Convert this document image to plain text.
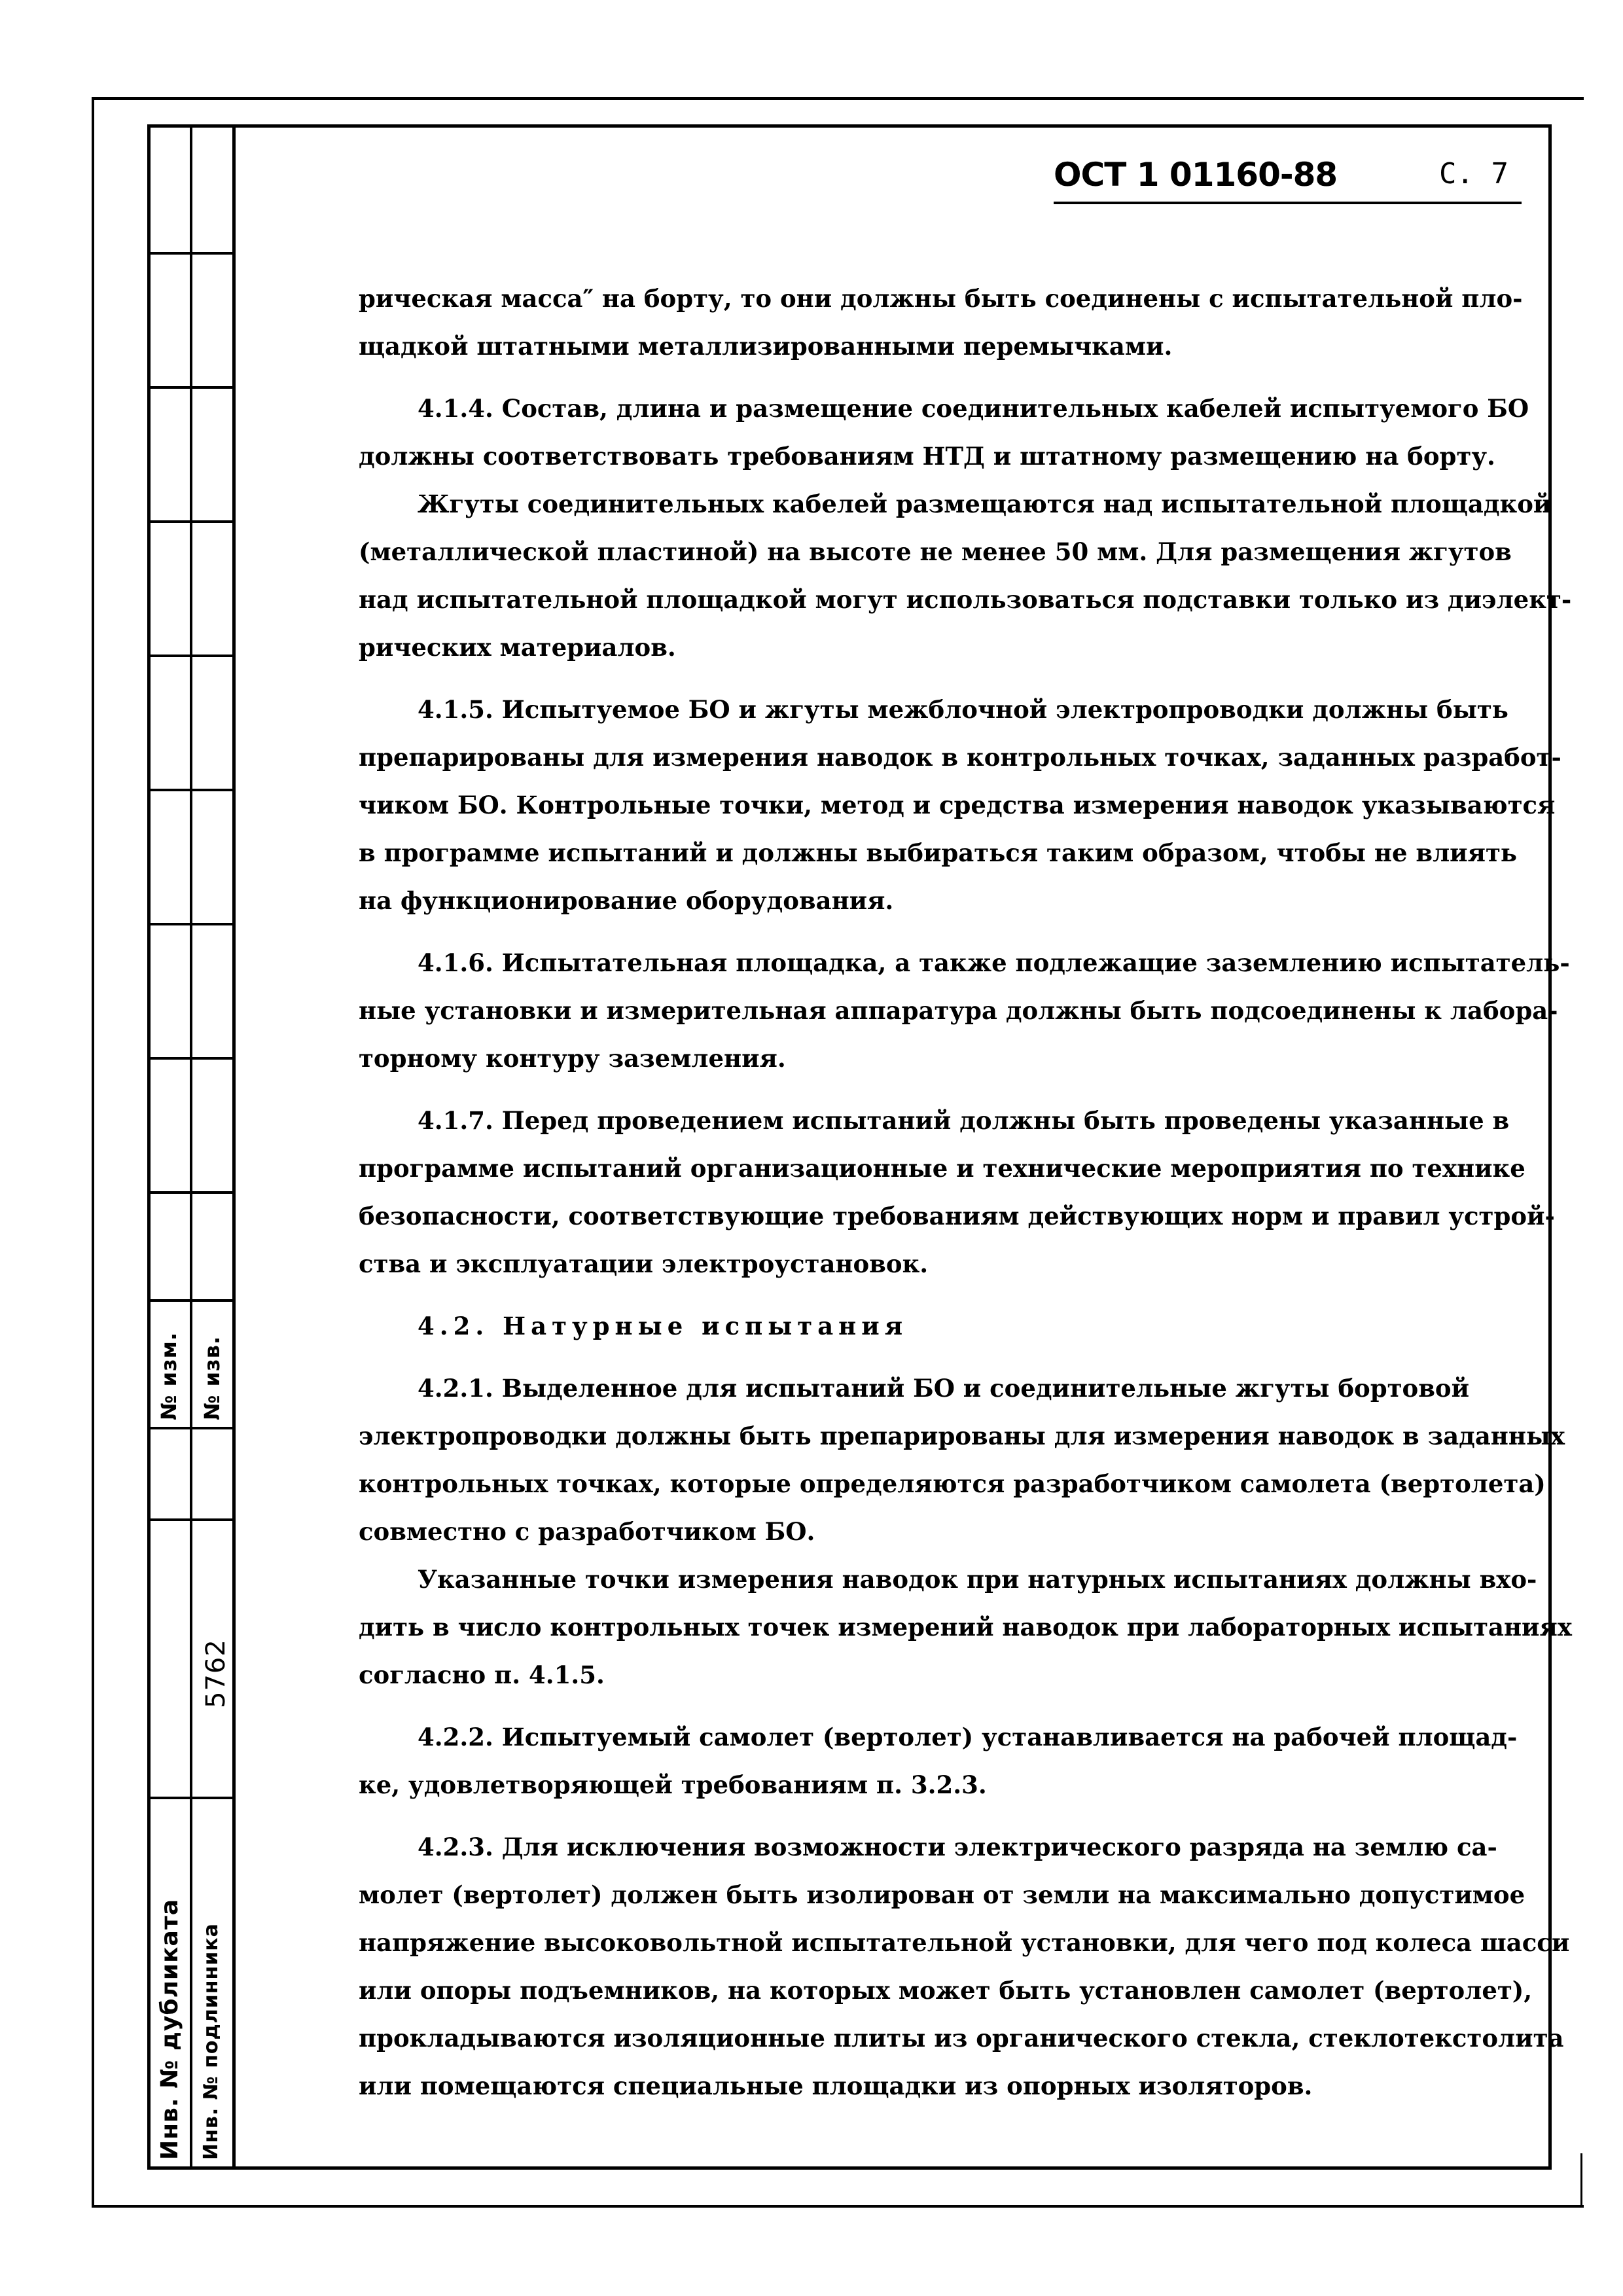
№ изм. № изв.
Инв. № дубликата Инв. № подлинника
5762
ОСТ 1 01160-88	С. 7

рическая масса″ на борту, то они должны быть соединены с испытательной пло-
щадкой штатными металлизированными перемычками.

4.1.4. Состав, длина и размещение соединительных кабелей испытуемого БО
должны соответствовать требованиям НТД и штатному размещению на борту.

Жгуты соединительных кабелей размещаются над испытательной площадкой
(металлической пластиной) на высоте не менее 50 мм. Для размещения жгутов
над испытательной площадкой могут использоваться подставки только из диэлект-
рических материалов.

4.1.5. Испытуемое БО и жгуты межблочной электропроводки должны быть
препарированы для измерения наводок в контрольных точках, заданных разработ-
чиком БО. Контрольные точки, метод и средства измерения наводок указываются
в программе испытаний и должны выбираться таким образом, чтобы не влиять
на функционирование оборудования.

4.1.6. Испытательная площадка, а также подлежащие заземлению испытатель-
ные установки и измерительная аппаратура должны быть подсоединены к лабора-
торному контуру заземления.

4.1.7. Перед проведением испытаний должны быть проведены указанные в
программе испытаний организационные и технические мероприятия по технике
безопасности, соответствующие требованиям действующих норм и правил устрой-
ства и эксплуатации электроустановок.

4.2. Натурные испытания

4.2.1. Выделенное для испытаний БО и соединительные жгуты бортовой
электропроводки должны быть препарированы для измерения наводок в заданных
контрольных точках, которые определяются разработчиком самолета (вертолета)
совместно с разработчиком БО.

Указанные точки измерения наводок при натурных испытаниях должны вхо-
дить в число контрольных точек измерений наводок при лабораторных испытаниях
согласно п. 4.1.5.

4.2.2. Испытуемый самолет (вертолет) устанавливается на рабочей площад-
ке, удовлетворяющей требованиям п. 3.2.3.

4.2.3. Для исключения возможности электрического разряда на землю са-
молет (вертолет) должен быть изолирован от земли на максимально допустимое
напряжение высоковольтной испытательной установки, для чего под колеса шасси
или опоры подъемников, на которых может быть установлен самолет (вертолет),
прокладываются изоляционные плиты из органического стекла, стеклотекстолита
или помещаются специальные площадки из опорных изоляторов.
